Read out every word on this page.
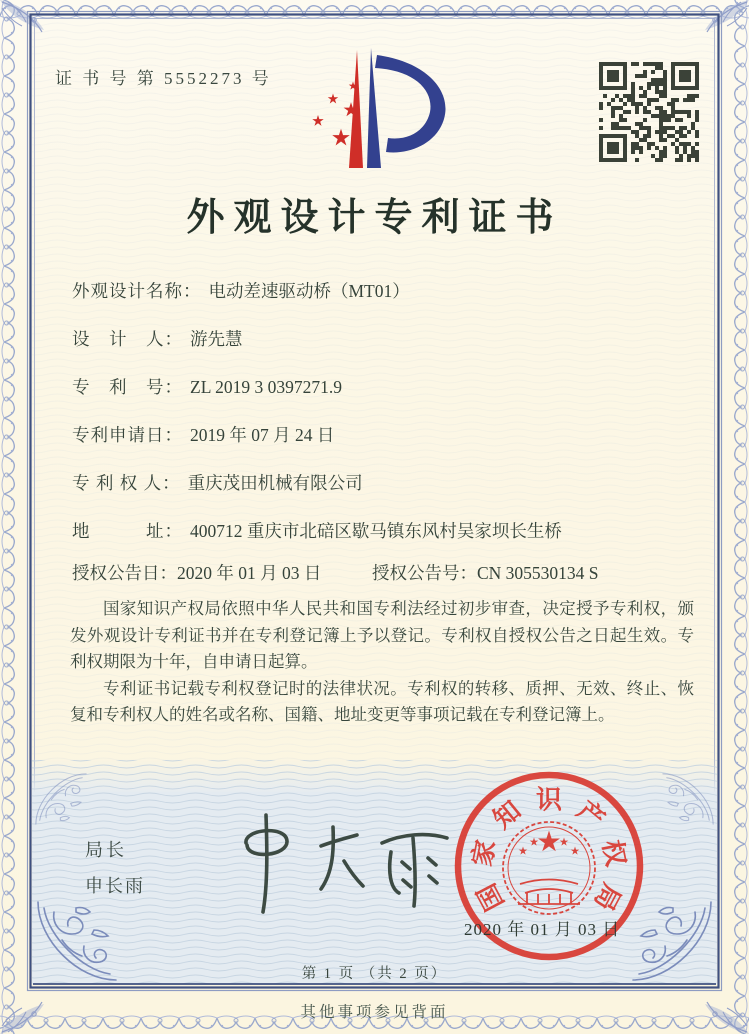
国
家
知 识 产
权
局
证 书 号 第 5552273 号
外观设计专利证书
外观设计名称： 电动差速驱动桥（MT01）
设　计　人： 游先慧
专　利　号： ZL 2019 3 0397271.9
专利申请日： 2019 年 07 月 24 日
专 利 权 人： 重庆茂田机械有限公司
地　　　址： 400712 重庆市北碚区歇马镇东风村吴家坝长生桥
授权公告日：2020 年 01 月 03 日	授权公告号：CN 305530134 S

国家知识产权局依照中华人民共和国专利法经过初步审查，决定授予专利权，颁发外观设计专利证书并在专利登记簿上予以登记。专利权自授权公告之日起生效。专利权期限为十年，自申请日起算。

专利证书记载专利权登记时的法律状况。专利权的转移、质押、无效、终止、恢复和专利权人的姓名或名称、国籍、地址变更等事项记载在专利登记簿上。

局长
申长雨
2020 年 01 月 03 日
第 1 页 （共 2 页）
其他事项参见背面
